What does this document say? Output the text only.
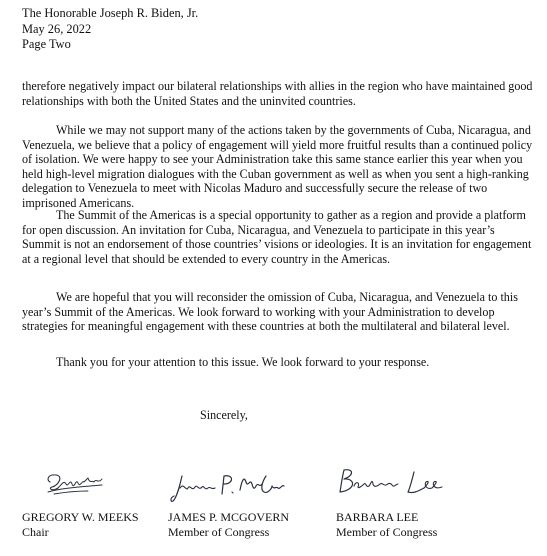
The Honorable Joseph R. Biden, Jr.
May 26, 2022
Page Two
therefore negatively impact our bilateral relationships with allies in the region who have maintained good relationships with both the United States and the uninvited countries.
While we may not support many of the actions taken by the governments of Cuba, Nicaragua, and Venezuela, we believe that a policy of engagement will yield more fruitful results than a continued policy of isolation. We were happy to see your Administration take this same stance earlier this year when you held high-level migration dialogues with the Cuban government as well as when you sent a high-ranking delegation to Venezuela to meet with Nicolas Maduro and successfully secure the release of two imprisoned Americans.
The Summit of the Americas is a special opportunity to gather as a region and provide a platform for open discussion. An invitation for Cuba, Nicaragua, and Venezuela to participate in this year’s Summit is not an endorsement of those countries’ visions or ideologies. It is an invitation for engagement at a regional level that should be extended to every country in the Americas.
We are hopeful that you will reconsider the omission of Cuba, Nicaragua, and Venezuela to this year’s Summit of the Americas. We look forward to working with your Administration to develop strategies for meaningful engagement with these countries at both the multilateral and bilateral level.
Thank you for your attention to this issue. We look forward to your response.
Sincerely,
GREGORY W. MEEKS
Chair
JAMES P. MCGOVERN
Member of Congress
BARBARA LEE
Member of Congress
